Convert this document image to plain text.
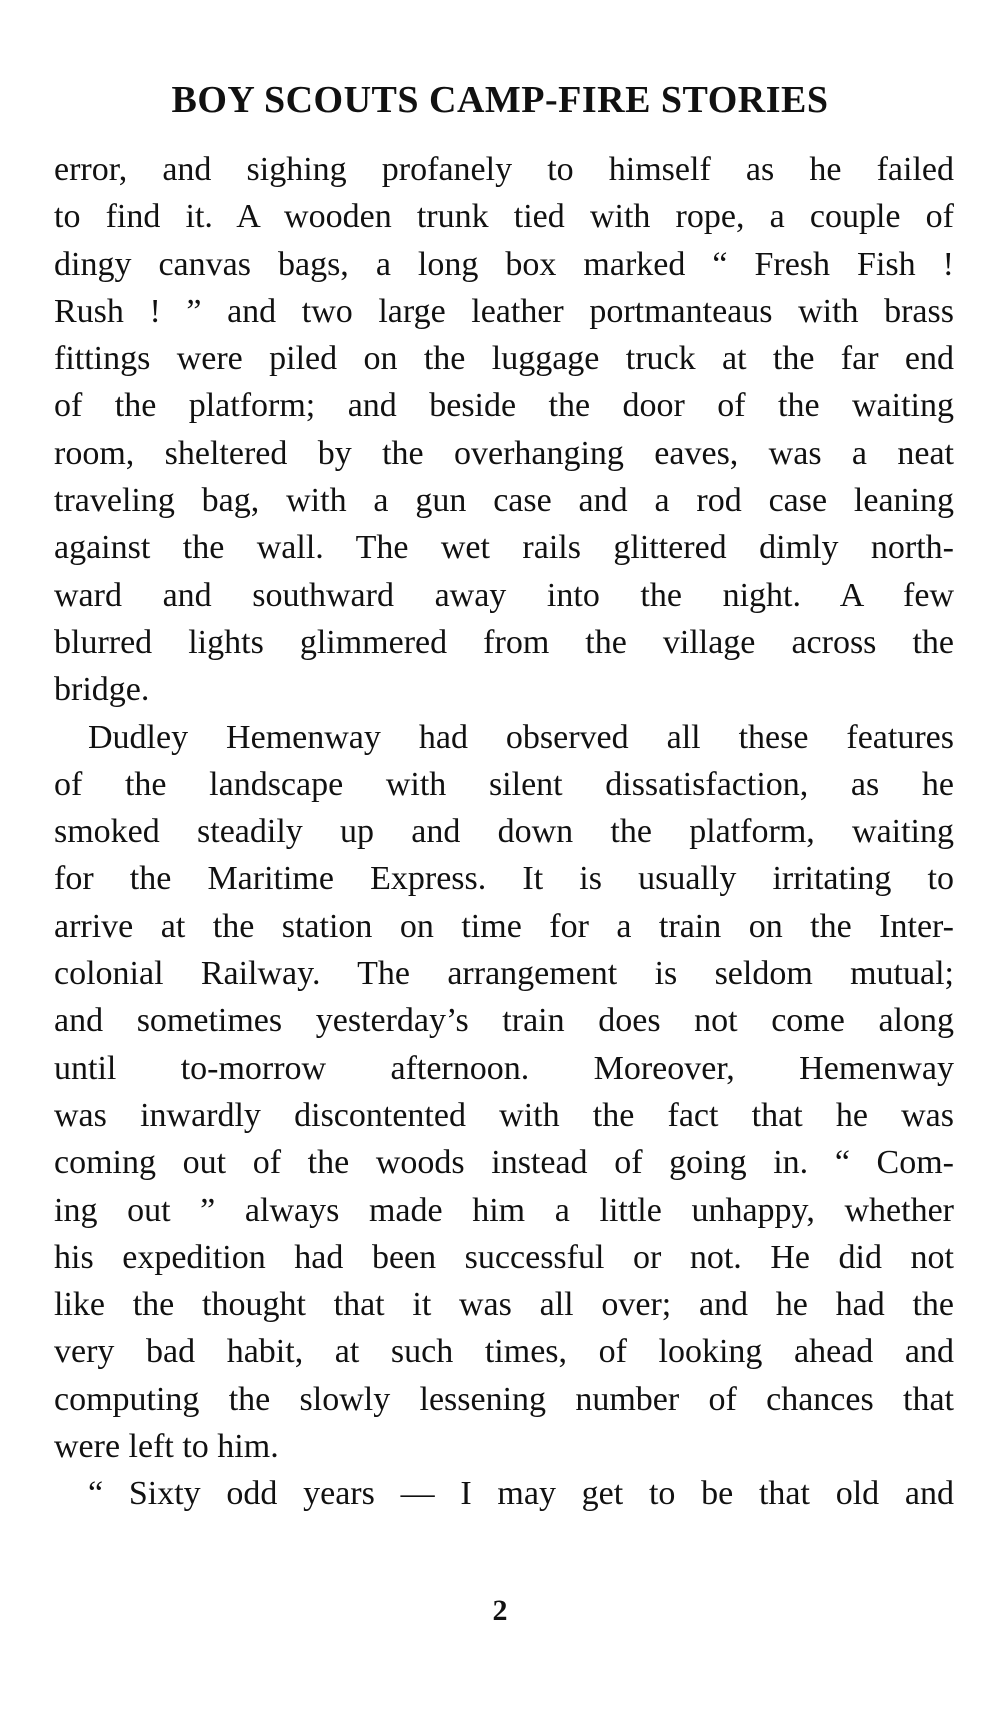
BOY SCOUTS CAMP-FIRE STORIES
error, and sighing profanely to himself as he failed
to find it. A wooden trunk tied with rope, a couple of
dingy canvas bags, a long box marked “ Fresh Fish !
Rush ! ” and two large leather portmanteaus with brass
fittings were piled on the luggage truck at the far end
of the platform; and beside the door of the waiting
room, sheltered by the overhanging eaves, was a neat
traveling bag, with a gun case and a rod case leaning
against the wall. The wet rails glittered dimly north-
ward and southward away into the night. A few
blurred lights glimmered from the village across the
bridge.
Dudley Hemenway had observed all these features
of the landscape with silent dissatisfaction, as he
smoked steadily up and down the platform, waiting
for the Maritime Express. It is usually irritating to
arrive at the station on time for a train on the Inter-
colonial Railway. The arrangement is seldom mutual;
and sometimes yesterday’s train does not come along
until to-morrow afternoon. Moreover, Hemenway
was inwardly discontented with the fact that he was
coming out of the woods instead of going in. “ Com-
ing out ” always made him a little unhappy, whether
his expedition had been successful or not. He did not
like the thought that it was all over; and he had the
very bad habit, at such times, of looking ahead and
computing the slowly lessening number of chances that
were left to him.
“ Sixty odd years — I may get to be that old and
2
